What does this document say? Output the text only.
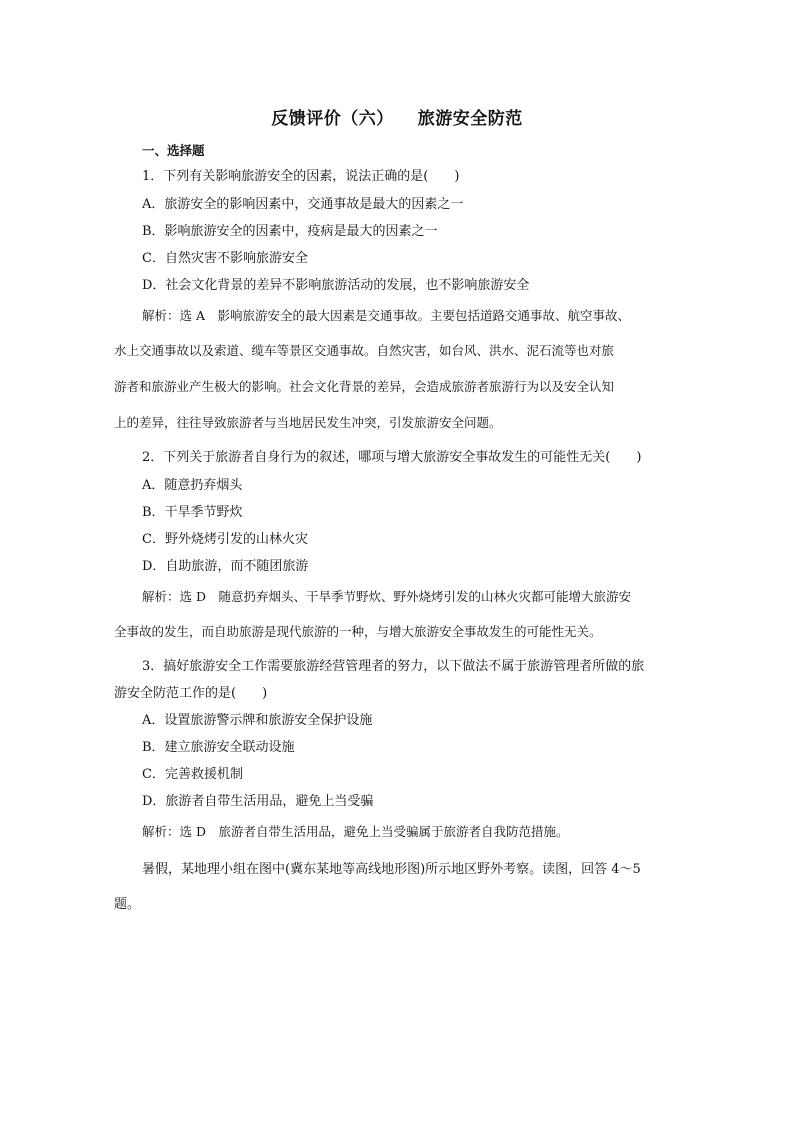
反馈评价（六） 旅游安全防范
一、选择题
1．下列有关影响旅游安全的因素，说法正确的是(　　)
A．旅游安全的影响因素中，交通事故是最大的因素之一
B．影响旅游安全的因素中，疫病是最大的因素之一
C．自然灾害不影响旅游安全
D．社会文化背景的差异不影响旅游活动的发展，也不影响旅游安全
解析：选 A　影响旅游安全的最大因素是交通事故。主要包括道路交通事故、航空事故、
水上交通事故以及索道、缆车等景区交通事故。自然灾害，如台风、洪水、泥石流等也对旅
游者和旅游业产生极大的影响。社会文化背景的差异，会造成旅游者旅游行为以及安全认知
上的差异，往往导致旅游者与当地居民发生冲突，引发旅游安全问题。
2．下列关于旅游者自身行为的叙述，哪项与增大旅游安全事故发生的可能性无关(　　)
A．随意扔弃烟头
B．干旱季节野炊
C．野外烧烤引发的山林火灾
D．自助旅游，而不随团旅游
解析：选 D　随意扔弃烟头、干旱季节野炊、野外烧烤引发的山林火灾都可能增大旅游安
全事故的发生，而自助旅游是现代旅游的一种，与增大旅游安全事故发生的可能性无关。
3．搞好旅游安全工作需要旅游经营管理者的努力，以下做法不属于旅游管理者所做的旅
游安全防范工作的是(　　)
A．设置旅游警示牌和旅游安全保护设施
B．建立旅游安全联动设施
C．完善救援机制
D．旅游者自带生活用品，避免上当受骗
解析：选 D　旅游者自带生活用品，避免上当受骗属于旅游者自我防范措施。
暑假，某地理小组在图中(冀东某地等高线地形图)所示地区野外考察。读图，回答 4～5
题。
